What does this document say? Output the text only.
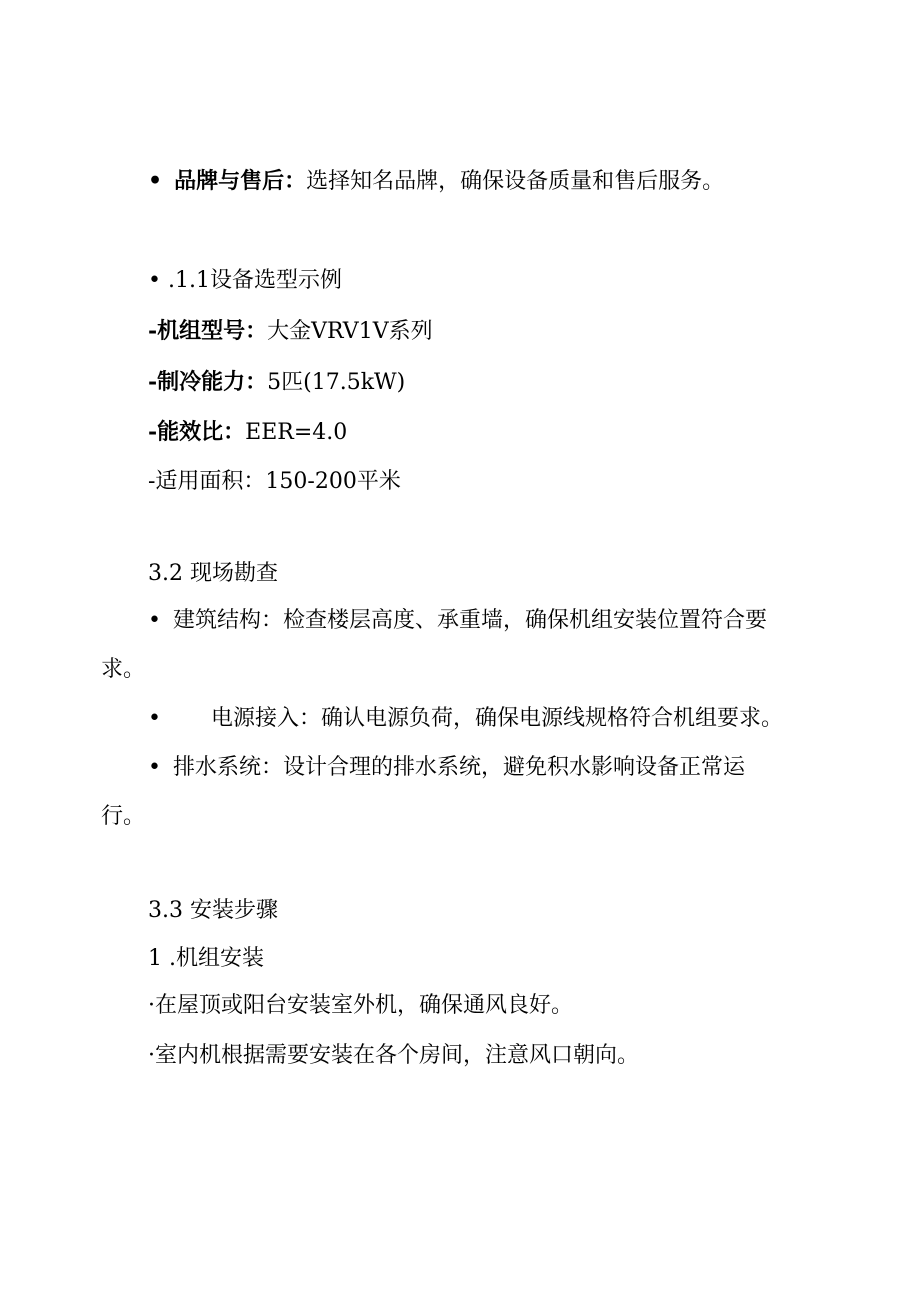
• 品牌与售后： 选择知名品牌，确保设备质量和售后服务。
• .1.1设备选型示例
-机组型号： 大金VRV1V系列
-制冷能力： 5匹(17.5kW)
-能效比： EER=4.0
-适用面积：150-200平米
3.2 现场勘查
• 建筑结构：检查楼层高度、承重墙，确保机组安装位置符合要
求。
• 电源接入：确认电源负荷，确保电源线规格符合机组要求。
• 排水系统：设计合理的排水系统，避免积水影响设备正常运
行。
3.3 安装步骤
1 .机组安装
·在屋顶或阳台安装室外机，确保通风良好。
·室内机根据需要安装在各个房间，注意风口朝向。
